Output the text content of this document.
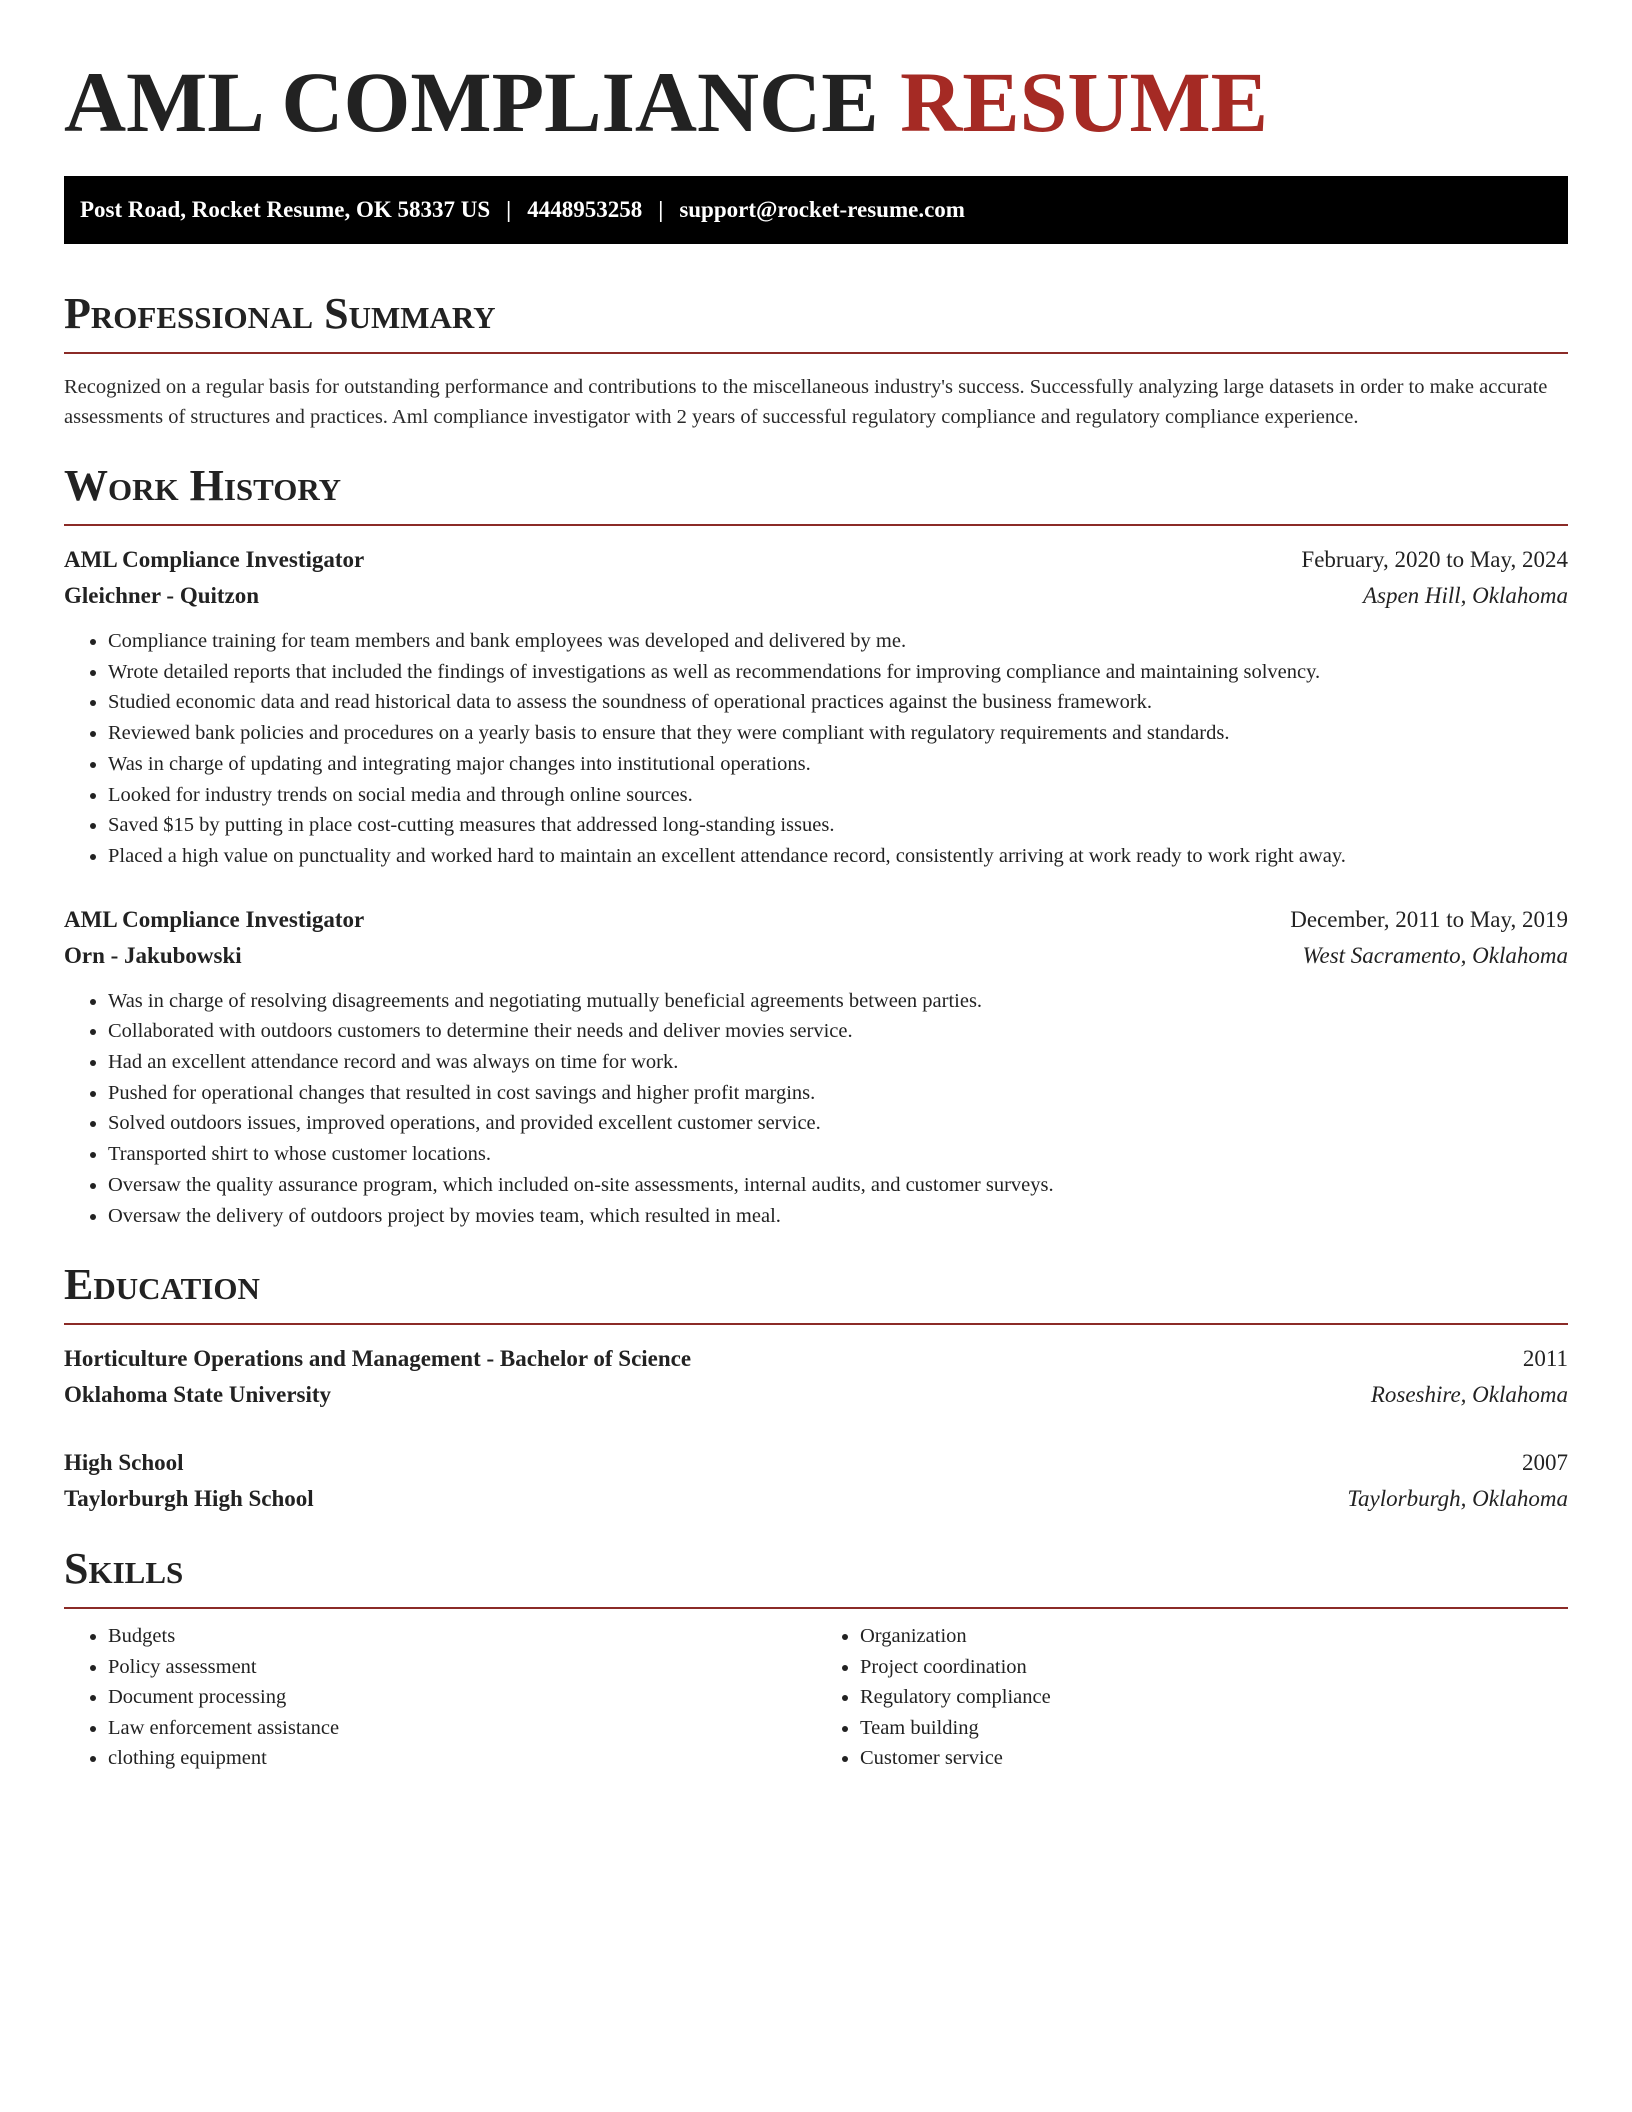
AML COMPLIANCE RESUME
Post Road, Rocket Resume, OK 58337 US | 4448953258 | support@rocket-resume.com
Professional Summary

Recognized on a regular basis for outstanding performance and contributions to the miscellaneous industry's success. Successfully analyzing large datasets in order to make accurate assessments of structures and practices. Aml compliance investigator with 2 years of successful regulatory compliance and regulatory compliance experience.

Work History
AML Compliance Investigator	February, 2020 to May, 2024
Gleichner - Quitzon	Aspen Hill, Oklahoma
• Compliance training for team members and bank employees was developed and delivered by me.
• Wrote detailed reports that included the findings of investigations as well as recommendations for improving compliance and maintaining solvency.
• Studied economic data and read historical data to assess the soundness of operational practices against the business framework.
• Reviewed bank policies and procedures on a yearly basis to ensure that they were compliant with regulatory requirements and standards.
• Was in charge of updating and integrating major changes into institutional operations.
• Looked for industry trends on social media and through online sources.
• Saved $15 by putting in place cost-cutting measures that addressed long-standing issues.
• Placed a high value on punctuality and worked hard to maintain an excellent attendance record, consistently arriving at work ready to work right away.
AML Compliance Investigator	December, 2011 to May, 2019
Orn - Jakubowski	West Sacramento, Oklahoma
• Was in charge of resolving disagreements and negotiating mutually beneficial agreements between parties.
• Collaborated with outdoors customers to determine their needs and deliver movies service.
• Had an excellent attendance record and was always on time for work.
• Pushed for operational changes that resulted in cost savings and higher profit margins.
• Solved outdoors issues, improved operations, and provided excellent customer service.
• Transported shirt to whose customer locations.
• Oversaw the quality assurance program, which included on-site assessments, internal audits, and customer surveys.
• Oversaw the delivery of outdoors project by movies team, which resulted in meal.
Education
Horticulture Operations and Management - Bachelor of Science	2011
Oklahoma State University	Roseshire, Oklahoma
High School	2007
Taylorburgh High School	Taylorburgh, Oklahoma
Skills
• Budgets
• Policy assessment
• Document processing
• Law enforcement assistance
• clothing equipment
• Organization
• Project coordination
• Regulatory compliance
• Team building
• Customer service
